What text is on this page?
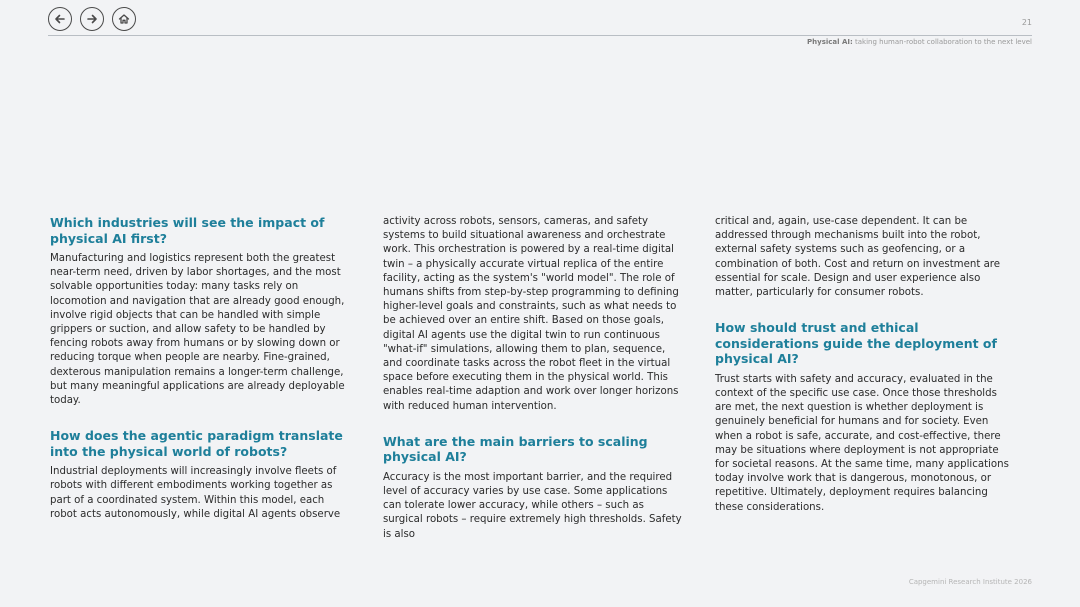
21
Physical AI: taking human-robot collaboration to the next level
Which industries will see the impact of physical AI first?

Manufacturing and logistics represent both the greatest near-term need, driven by labor shortages, and the most solvable opportunities today: many tasks rely on locomotion and navigation that are already good enough, involve rigid objects that can be handled with simple grippers or suction, and allow safety to be handled by fencing robots away from humans or by slowing down or reducing torque when people are nearby. Fine-grained, dexterous manipulation remains a longer-term challenge, but many meaningful applications are already deployable today.

How does the agentic paradigm translate into the physical world of robots?

Industrial deployments will increasingly involve fleets of robots with different embodiments working together as part of a coordinated system. Within this model, each robot acts autonomously, while digital AI agents observe

activity across robots, sensors, cameras, and safety systems to build situational awareness and orchestrate work. This orchestration is powered by a real-time digital twin – a physically accurate virtual replica of the entire facility, acting as the system's "world model". The role of humans shifts from step-by-step programming to defining higher-level goals and constraints, such as what needs to be achieved over an entire shift. Based on those goals, digital AI agents use the digital twin to run continuous "what-if" simulations, allowing them to plan, sequence, and coordinate tasks across the robot fleet in the virtual space before executing them in the physical world. This enables real-time adaption and work over longer horizons with reduced human intervention.

What are the main barriers to scaling physical AI?

Accuracy is the most important barrier, and the required level of accuracy varies by use case. Some applications can tolerate lower accuracy, while others – such as surgical robots – require extremely high thresholds. Safety is also

critical and, again, use-case dependent. It can be addressed through mechanisms built into the robot, external safety systems such as geofencing, or a combination of both. Cost and return on investment are essential for scale. Design and user experience also matter, particularly for consumer robots.

How should trust and ethical considerations guide the deployment of physical AI?

Trust starts with safety and accuracy, evaluated in the context of the specific use case. Once those thresholds are met, the next question is whether deployment is genuinely beneficial for humans and for society. Even when a robot is safe, accurate, and cost-effective, there may be situations where deployment is not appropriate for societal reasons. At the same time, many applications today involve work that is dangerous, monotonous, or repetitive. Ultimately, deployment requires balancing these considerations.

Capgemini Research Institute 2026
